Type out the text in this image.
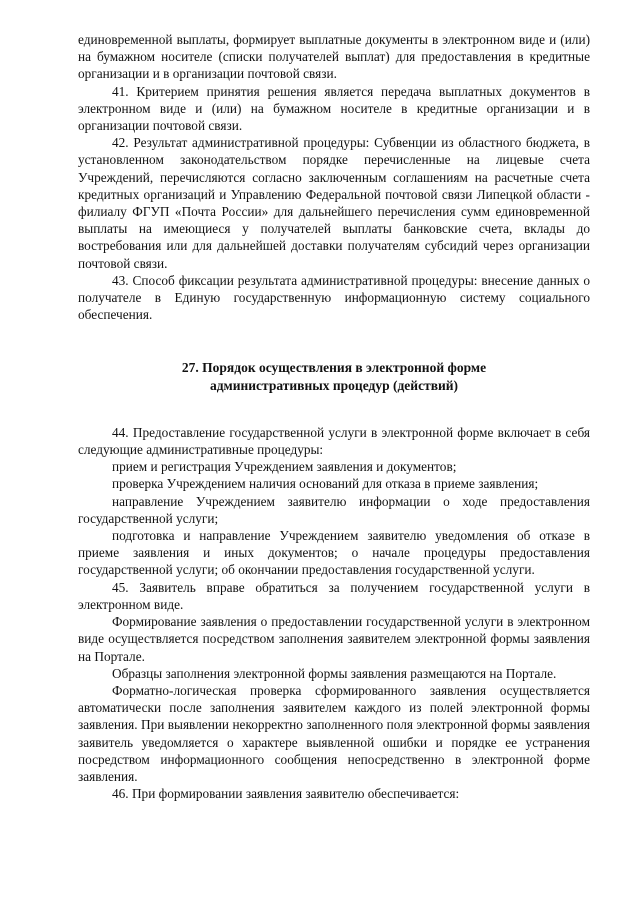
единовременной выплаты, формирует выплатные документы в электронном виде и (или) на бумажном носителе (списки получателей выплат) для предоставления в кредитные организации и в организации почтовой связи.

41. Критерием принятия решения является передача выплатных документов в электронном виде и (или) на бумажном носителе в кредитные организации и в организации почтовой связи.

42. Результат административной процедуры: Субвенции из областного бюджета, в установленном законодательством порядке перечисленные на лицевые счета Учреждений, перечисляются согласно заключенным соглашениям на расчетные счета кредитных организаций и Управлению Федеральной почтовой связи Липецкой области - филиалу ФГУП «Почта России» для дальнейшего перечисления сумм единовременной выплаты на имеющиеся у получателей выплаты банковские счета, вклады до востребования или для дальнейшей доставки получателям субсидий через организации почтовой связи.

43. Способ фиксации результата административной процедуры: внесение данных о получателе в Единую государственную информационную систему социального обеспечения.

27. Порядок осуществления в электронной форме
административных процедур (действий)

44. Предоставление государственной услуги в электронной форме включает в себя следующие административные процедуры:

прием и регистрация Учреждением заявления и документов;

проверка Учреждением наличия оснований для отказа в приеме заявления;

направление Учреждением заявителю информации о ходе предоставления государственной услуги;

подготовка и направление Учреждением заявителю уведомления об отказе в приеме заявления и иных документов; о начале процедуры предоставления государственной услуги; об окончании предоставления государственной услуги.

45. Заявитель вправе обратиться за получением государственной услуги в электронном виде.

Формирование заявления о предоставлении государственной услуги в электронном виде осуществляется посредством заполнения заявителем электронной формы заявления на Портале.

Образцы заполнения электронной формы заявления размещаются на Портале.

Форматно-логическая проверка сформированного заявления осуществляется автоматически после заполнения заявителем каждого из полей электронной формы заявления. При выявлении некорректно заполненного поля электронной формы заявления заявитель уведомляется о характере выявленной ошибки и порядке ее устранения посредством информационного сообщения непосредственно в электронной форме заявления.

46. При формировании заявления заявителю обеспечивается:
